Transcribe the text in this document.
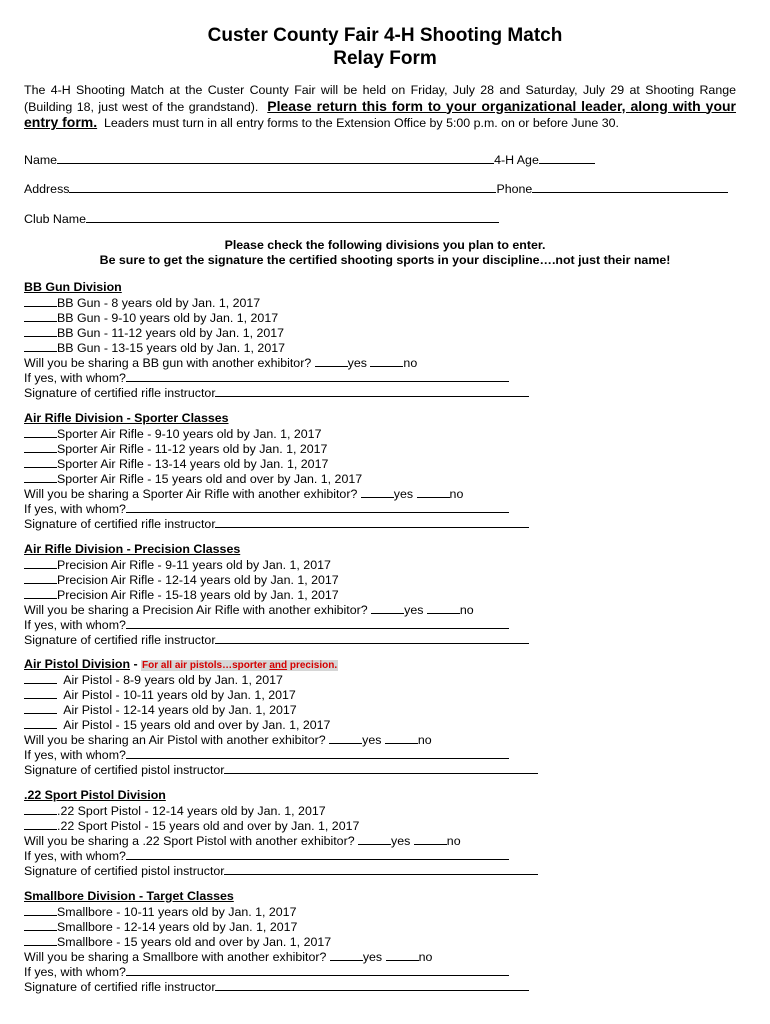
Custer County Fair 4-H Shooting Match
Relay Form

The 4-H Shooting Match at the Custer County Fair will be held on Friday, July 28 and Saturday, July 29 at Shooting Range (Building 18, just west of the grandstand). Please return this form to your organizational leader, along with your entry form. Leaders must turn in all entry forms to the Extension Office by 5:00 p.m. on or before June 30.

Name	4-H Age
Address	Phone
Club Name
Please check the following divisions you plan to enter.
Be sure to get the signature the certified shooting sports in your discipline….not just their name!
BB Gun Division
BB Gun - 8 years old by Jan. 1, 2017
BB Gun - 9-10 years old by Jan. 1, 2017
BB Gun - 11-12 years old by Jan. 1, 2017
BB Gun - 13-15 years old by Jan. 1, 2017
Will you be sharing a BB gun with another exhibitor?	yes	no
If yes, with whom?
Signature of certified rifle instructor
Air Rifle Division - Sporter Classes
Sporter Air Rifle - 9-10 years old by Jan. 1, 2017
Sporter Air Rifle - 11-12 years old by Jan. 1, 2017
Sporter Air Rifle - 13-14 years old by Jan. 1, 2017
Sporter Air Rifle - 15 years old and over by Jan. 1, 2017
Will you be sharing a Sporter Air Rifle with another exhibitor?	yes	no
If yes, with whom?
Signature of certified rifle instructor
Air Rifle Division - Precision Classes
Precision Air Rifle - 9-11 years old by Jan. 1, 2017
Precision Air Rifle - 12-14 years old by Jan. 1, 2017
Precision Air Rifle - 15-18 years old by Jan. 1, 2017
Will you be sharing a Precision Air Rifle with another exhibitor?	yes	no
If yes, with whom?
Signature of certified rifle instructor
Air Pistol Division - For all air pistols…sporter and precision.
Air Pistol - 8-9 years old by Jan. 1, 2017
Air Pistol - 10-11 years old by Jan. 1, 2017
Air Pistol - 12-14 years old by Jan. 1, 2017
Air Pistol - 15 years old and over by Jan. 1, 2017
Will you be sharing an Air Pistol with another exhibitor?	yes	no
If yes, with whom?
Signature of certified pistol instructor
.22 Sport Pistol Division
.22 Sport Pistol - 12-14 years old by Jan. 1, 2017
.22 Sport Pistol - 15 years old and over by Jan. 1, 2017
Will you be sharing a .22 Sport Pistol with another exhibitor?	yes	no
If yes, with whom?
Signature of certified pistol instructor
Smallbore Division - Target Classes
Smallbore - 10-11 years old by Jan. 1, 2017
Smallbore - 12-14 years old by Jan. 1, 2017
Smallbore - 15 years old and over by Jan. 1, 2017
Will you be sharing a Smallbore with another exhibitor?	yes	no
If yes, with whom?
Signature of certified rifle instructor
